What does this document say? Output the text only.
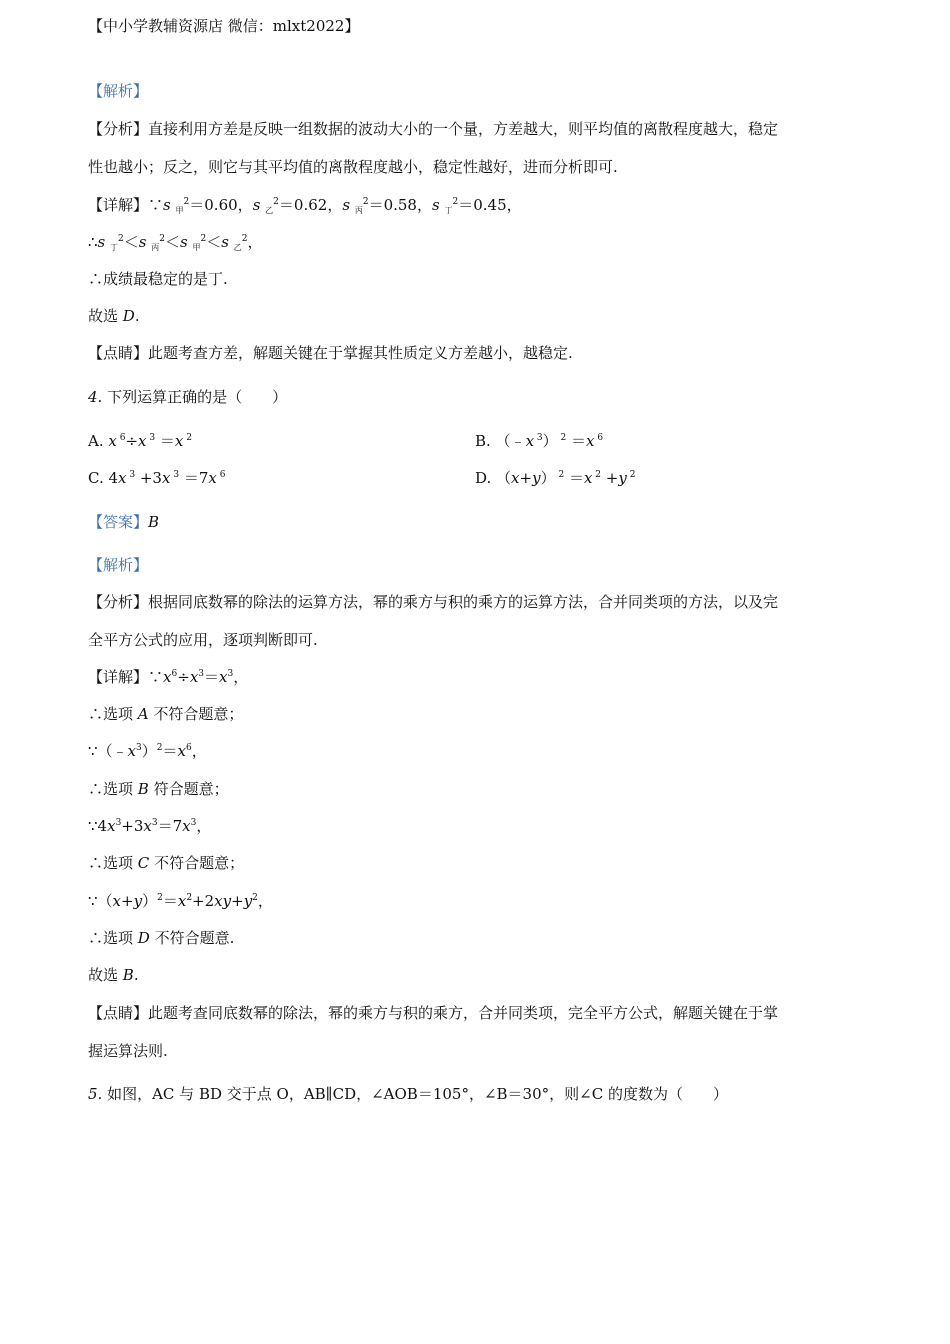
【中小学教辅资源店 微信：mlxt2022】
【解析】
【分析】直接利用方差是反映一组数据的波动大小的一个量，方差越大，则平均值的离散程度越大，稳定
性也越小；反之，则它与其平均值的离散程度越小，稳定性越好，进而分析即可.
【详解】∵s $_甲^2$＝0.60，s $_乙^2$＝0.62，s $_丙^2$＝0.58，s $_丁^2$＝0.45，
∴s $_丁^2$＜s $_丙^2$＜s $_甲^2$＜s $_乙^2$，
∴成绩最稳定的是丁.
故选 D.
【点睛】此题考查方差，解题关键在于掌握其性质定义方差越小，越稳定.
4. 下列运算正确的是（　　）
A. x $^6$÷x $^3$ ＝x $^2$	B. （﹣x $^3$） $^2$ ＝x $^6$
C. 4x $^3$ +3x $^3$ ＝7x $^6$	D. （x+y） $^2$ ＝x $^2$ +y $^2$
【答案】B
【解析】
【分析】根据同底数幂的除法的运算方法，幂的乘方与积的乘方的运算方法，合并同类项的方法，以及完
全平方公式的应用，逐项判断即可.
【详解】$\because x^6\div x^3=x^3$，
∴选项 A 不符合题意；
$\because(﹣x^3)^2=x^6$，
∴选项 B 符合题意；
$\because 4x^3+3x^3=7x^3$，
∴选项 C 不符合题意；
$\because(x+y)^2=x^2+2xy+y^2$，
∴选项 D 不符合题意.
故选 B.
【点睛】此题考查同底数幂的除法，幂的乘方与积的乘方，合并同类项，完全平方公式，解题关键在于掌
握运算法则.
5. 如图，AC 与 BD 交于点 O，AB∥CD，∠AOB＝105°，∠B＝30°，则∠C 的度数为（　　）
